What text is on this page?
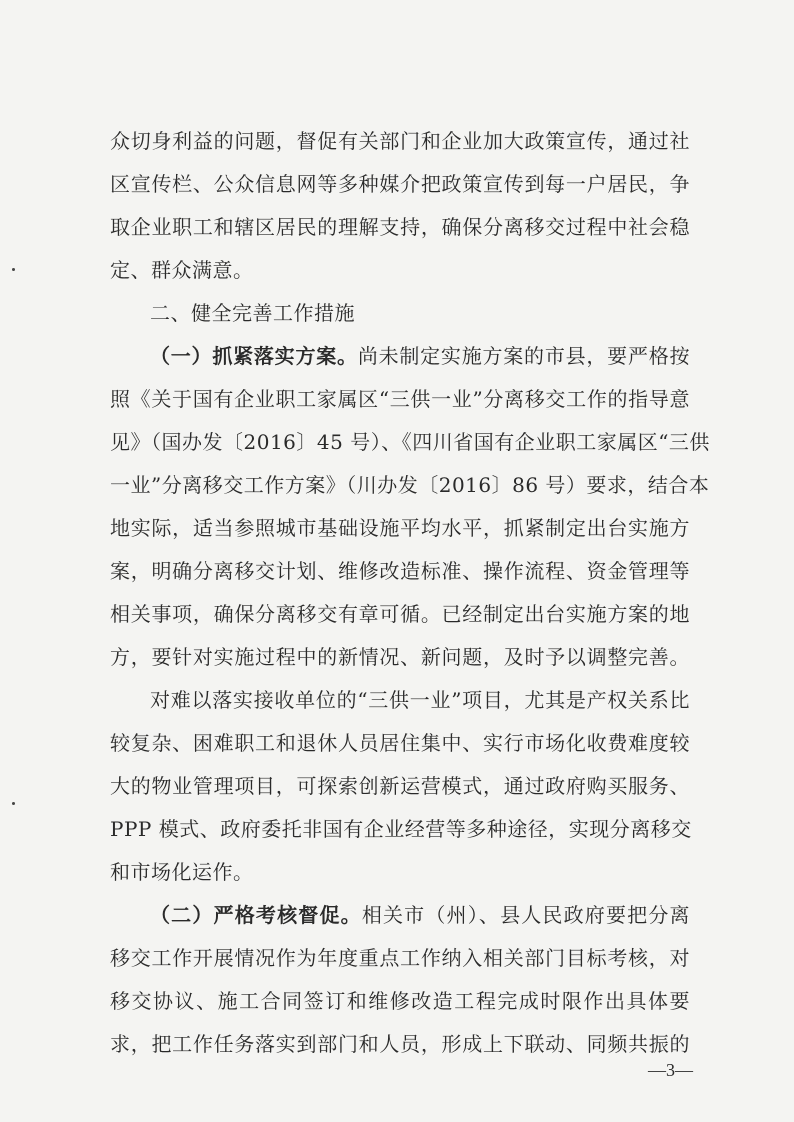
众切身利益的问题，督促有关部门和企业加大政策宣传，通过社
区宣传栏、公众信息网等多种媒介把政策宣传到每一户居民，争
取企业职工和辖区居民的理解支持，确保分离移交过程中社会稳
定、群众满意。
二、健全完善工作措施
（一）抓紧落实方案。尚未制定实施方案的市县，要严格按
照《关于国有企业职工家属区“三供一业”分离移交工作的指导意
见》（国办发〔2016〕45 号）、《四川省国有企业职工家属区“三供
一业”分离移交工作方案》（川办发〔2016〕86 号）要求，结合本
地实际，适当参照城市基础设施平均水平，抓紧制定出台实施方
案，明确分离移交计划、维修改造标准、操作流程、资金管理等
相关事项，确保分离移交有章可循。已经制定出台实施方案的地
方，要针对实施过程中的新情况、新问题，及时予以调整完善。
对难以落实接收单位的“三供一业”项目，尤其是产权关系比
较复杂、困难职工和退休人员居住集中、实行市场化收费难度较
大的物业管理项目，可探索创新运营模式，通过政府购买服务、
PPP 模式、政府委托非国有企业经营等多种途径，实现分离移交
和市场化运作。
（二）严格考核督促。相关市（州）、县人民政府要把分离
移交工作开展情况作为年度重点工作纳入相关部门目标考核，对
移交协议、施工合同签订和维修改造工程完成时限作出具体要
求，把工作任务落实到部门和人员，形成上下联动、同频共振的
—3—
